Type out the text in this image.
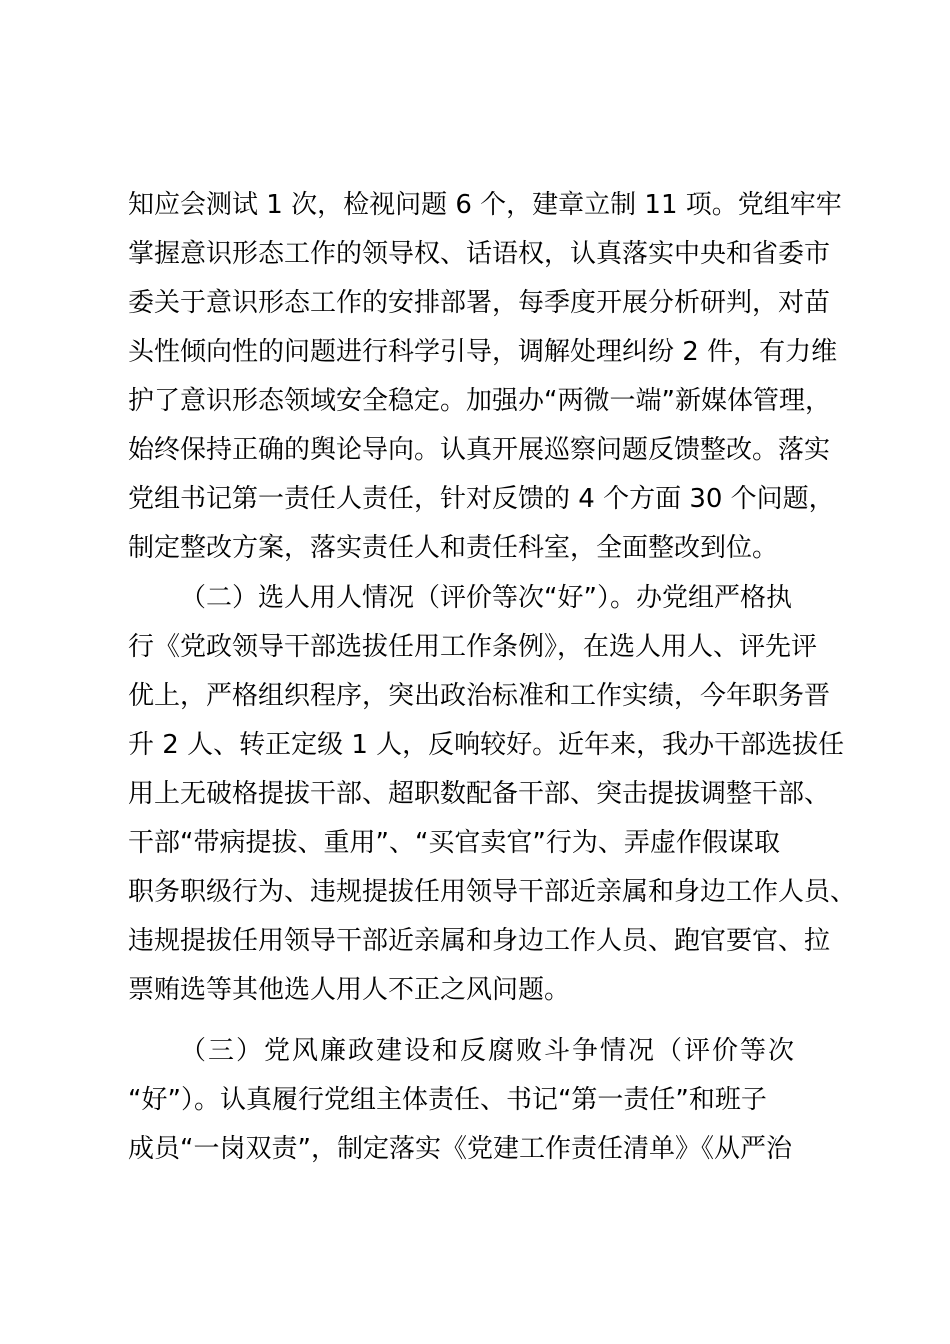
知应会测试 1 次，检视问题 6 个，建章立制 11 项。党组牢牢

掌握意识形态工作的领导权、话语权，认真落实中央和省委市

委关于意识形态工作的安排部署，每季度开展分析研判，对苗

头性倾向性的问题进行科学引导，调解处理纠纷 2 件，有力维

护了意识形态领域安全稳定。加强办“两微一端”新媒体管理，

始终保持正确的舆论导向。认真开展巡察问题反馈整改。落实

党组书记第一责任人责任，针对反馈的 4 个方面 30 个问题，

制定整改方案，落实责任人和责任科室，全面整改到位。

（二）选人用人情况（评价等次“好”）。办党组严格执

行《党政领导干部选拔任用工作条例》，在选人用人、评先评

优上，严格组织程序，突出政治标准和工作实绩，今年职务晋

升 2 人、转正定级 1 人，反响较好。近年来，我办干部选拔任

用上无破格提拔干部、超职数配备干部、突击提拔调整干部、

干部“带病提拔、重用”、“买官卖官”行为、弄虚作假谋取

职务职级行为、违规提拔任用领导干部近亲属和身边工作人员、

违规提拔任用领导干部近亲属和身边工作人员、跑官要官、拉

票贿选等其他选人用人不正之风问题。

（三）党风廉政建设和反腐败斗争情况（评价等次

“好”）。认真履行党组主体责任、书记“第一责任”和班子

成员“一岗双责”，制定落实《党建工作责任清单》《从严治
